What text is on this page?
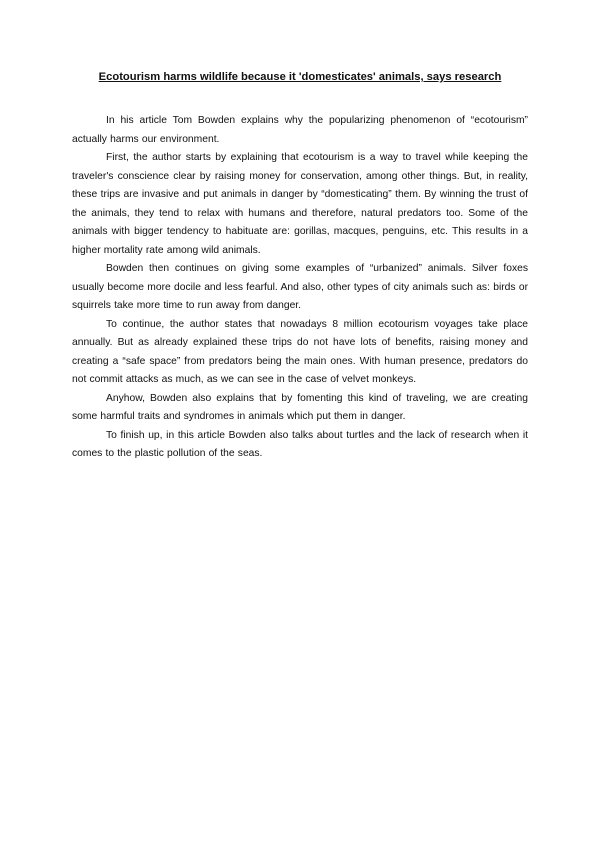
Ecotourism harms wildlife because it 'domesticates' animals, says research

In his article Tom Bowden explains why the popularizing phenomenon of “ecotourism” actually harms our environment.

First, the author starts by explaining that ecotourism is a way to travel while keeping the traveler's conscience clear by raising money for conservation, among other things. But, in reality, these trips are invasive and put animals in danger by “domesticating” them. By winning the trust of the animals, they tend to relax with humans and therefore, natural predators too. Some of the animals with bigger tendency to habituate are: gorillas, macques, penguins, etc. This results in a higher mortality rate among wild animals.

Bowden then continues on giving some examples of “urbanized” animals. Silver foxes usually become more docile and less fearful. And also, other types of city animals such as: birds or squirrels take more time to run away from danger.

To continue, the author states that nowadays 8 million ecotourism voyages take place annually. But as already explained these trips do not have lots of benefits, raising money and creating a “safe space” from predators being the main ones. With human presence, predators do not commit attacks as much, as we can see in the case of velvet monkeys.

Anyhow, Bowden also explains that by fomenting this kind of traveling, we are creating some harmful traits and syndromes in animals which put them in danger.

To finish up, in this article Bowden also talks about turtles and the lack of research when it comes to the plastic pollution of the seas.
